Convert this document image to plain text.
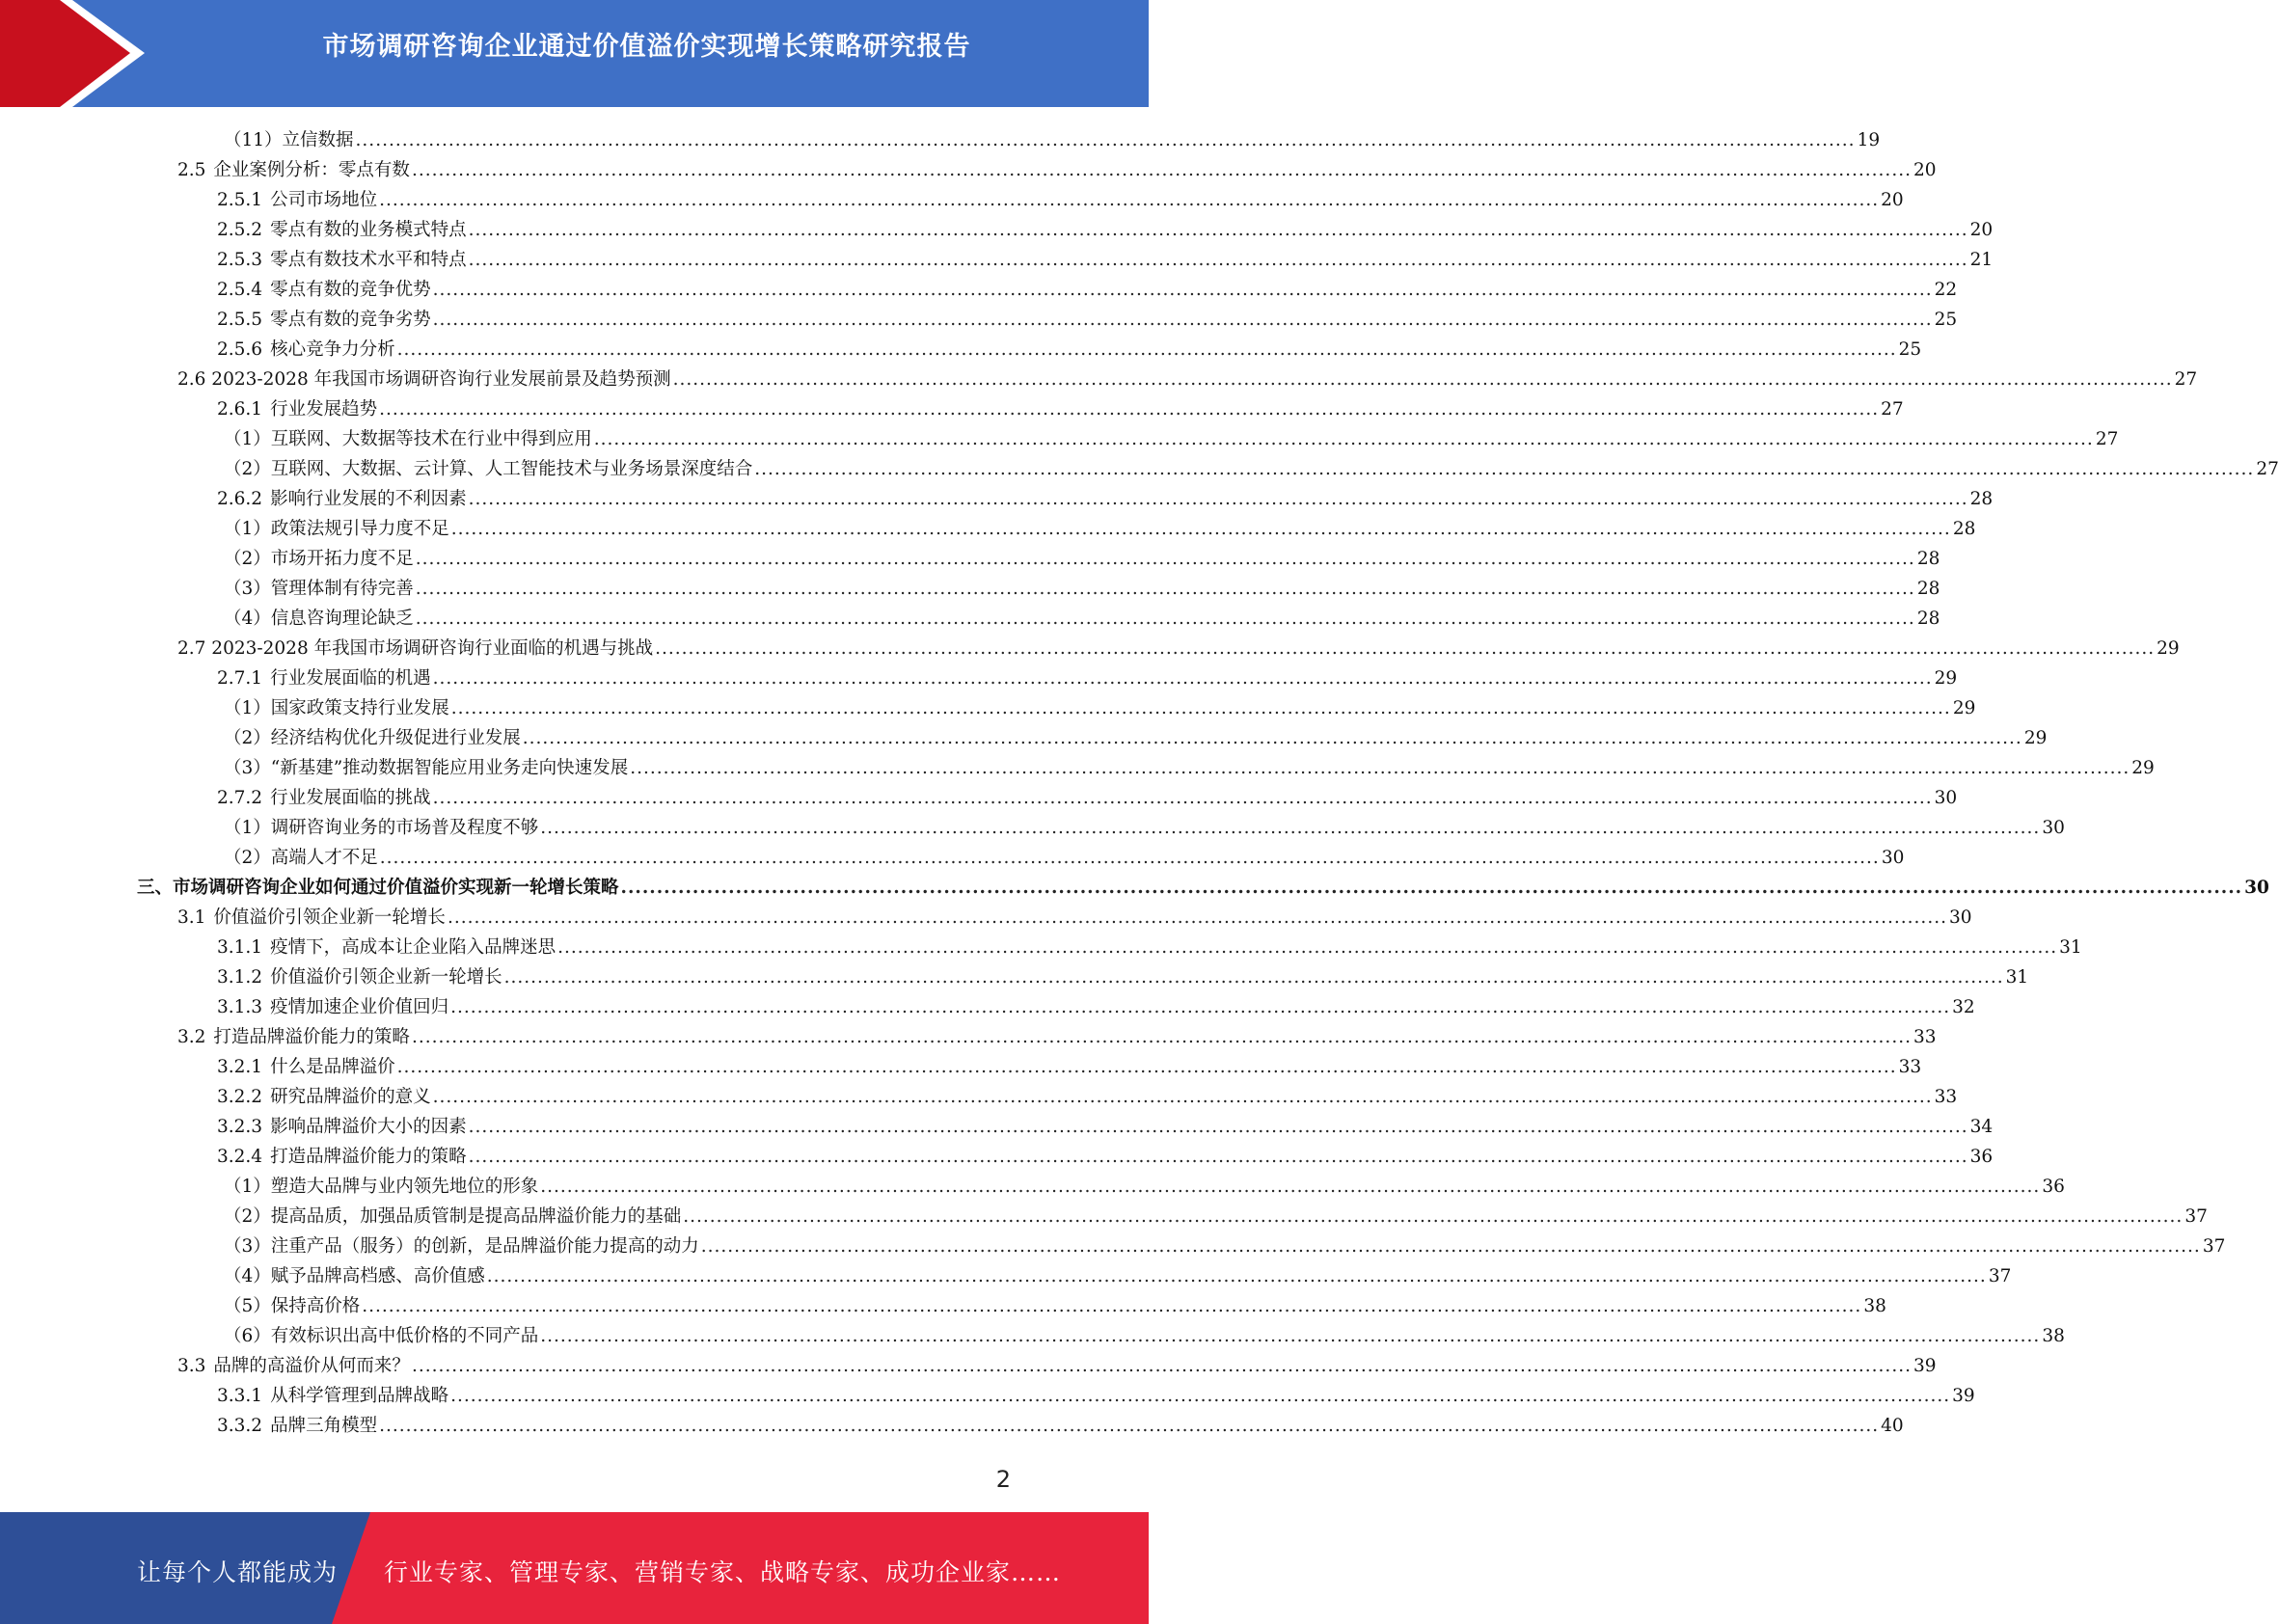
市场调研咨询企业通过价值溢价实现增长策略研究报告
（11）立信数据 .................................................................................................................................................................................................................................. 19
2.5 企业案例分析：零点有数 .................................................................................................................................................................................................................................. 20
2.5.1 公司市场地位 .................................................................................................................................................................................................................................. 20
2.5.2 零点有数的业务模式特点 .................................................................................................................................................................................................................................. 20
2.5.3 零点有数技术水平和特点 .................................................................................................................................................................................................................................. 21
2.5.4 零点有数的竞争优势 .................................................................................................................................................................................................................................. 22
2.5.5 零点有数的竞争劣势 .................................................................................................................................................................................................................................. 25
2.5.6 核心竞争力分析 .................................................................................................................................................................................................................................. 25
2.6 2023-2028 年我国市场调研咨询行业发展前景及趋势预测 .................................................................................................................................................................................................................................. 27
2.6.1 行业发展趋势 .................................................................................................................................................................................................................................. 27
（1）互联网、大数据等技术在行业中得到应用 .................................................................................................................................................................................................................................. 27
（2）互联网、大数据、云计算、人工智能技术与业务场景深度结合 .................................................................................................................................................................................................................................. 27
2.6.2 影响行业发展的不利因素 .................................................................................................................................................................................................................................. 28
（1）政策法规引导力度不足 .................................................................................................................................................................................................................................. 28
（2）市场开拓力度不足 .................................................................................................................................................................................................................................. 28
（3）管理体制有待完善 .................................................................................................................................................................................................................................. 28
（4）信息咨询理论缺乏 .................................................................................................................................................................................................................................. 28
2.7 2023-2028 年我国市场调研咨询行业面临的机遇与挑战 .................................................................................................................................................................................................................................. 29
2.7.1 行业发展面临的机遇 .................................................................................................................................................................................................................................. 29
（1）国家政策支持行业发展 .................................................................................................................................................................................................................................. 29
（2）经济结构优化升级促进行业发展 .................................................................................................................................................................................................................................. 29
（3）“新基建”推动数据智能应用业务走向快速发展 .................................................................................................................................................................................................................................. 29
2.7.2 行业发展面临的挑战 .................................................................................................................................................................................................................................. 30
（1）调研咨询业务的市场普及程度不够 .................................................................................................................................................................................................................................. 30
（2）高端人才不足 .................................................................................................................................................................................................................................. 30
三、市场调研咨询企业如何通过价值溢价实现新一轮增长策略 .................................................................................................................................................................................................................................. 30
3.1 价值溢价引领企业新一轮增长 .................................................................................................................................................................................................................................. 30
3.1.1 疫情下，高成本让企业陷入品牌迷思 .................................................................................................................................................................................................................................. 31
3.1.2 价值溢价引领企业新一轮增长 .................................................................................................................................................................................................................................. 31
3.1.3 疫情加速企业价值回归 .................................................................................................................................................................................................................................. 32
3.2 打造品牌溢价能力的策略 .................................................................................................................................................................................................................................. 33
3.2.1 什么是品牌溢价 .................................................................................................................................................................................................................................. 33
3.2.2 研究品牌溢价的意义 .................................................................................................................................................................................................................................. 33
3.2.3 影响品牌溢价大小的因素 .................................................................................................................................................................................................................................. 34
3.2.4 打造品牌溢价能力的策略 .................................................................................................................................................................................................................................. 36
（1）塑造大品牌与业内领先地位的形象 .................................................................................................................................................................................................................................. 36
（2）提高品质，加强品质管制是提高品牌溢价能力的基础 .................................................................................................................................................................................................................................. 37
（3）注重产品（服务）的创新，是品牌溢价能力提高的动力 .................................................................................................................................................................................................................................. 37
（4）赋予品牌高档感、高价值感 .................................................................................................................................................................................................................................. 37
（5）保持高价格 .................................................................................................................................................................................................................................. 38
（6）有效标识出高中低价格的不同产品 .................................................................................................................................................................................................................................. 38
3.3 品牌的高溢价从何而来？ .................................................................................................................................................................................................................................. 39
3.3.1 从科学管理到品牌战略 .................................................................................................................................................................................................................................. 39
3.3.2 品牌三角模型 .................................................................................................................................................................................................................................. 40
2
让每个人都能成为 行业专家、管理专家、营销专家、战略专家、成功企业家……
